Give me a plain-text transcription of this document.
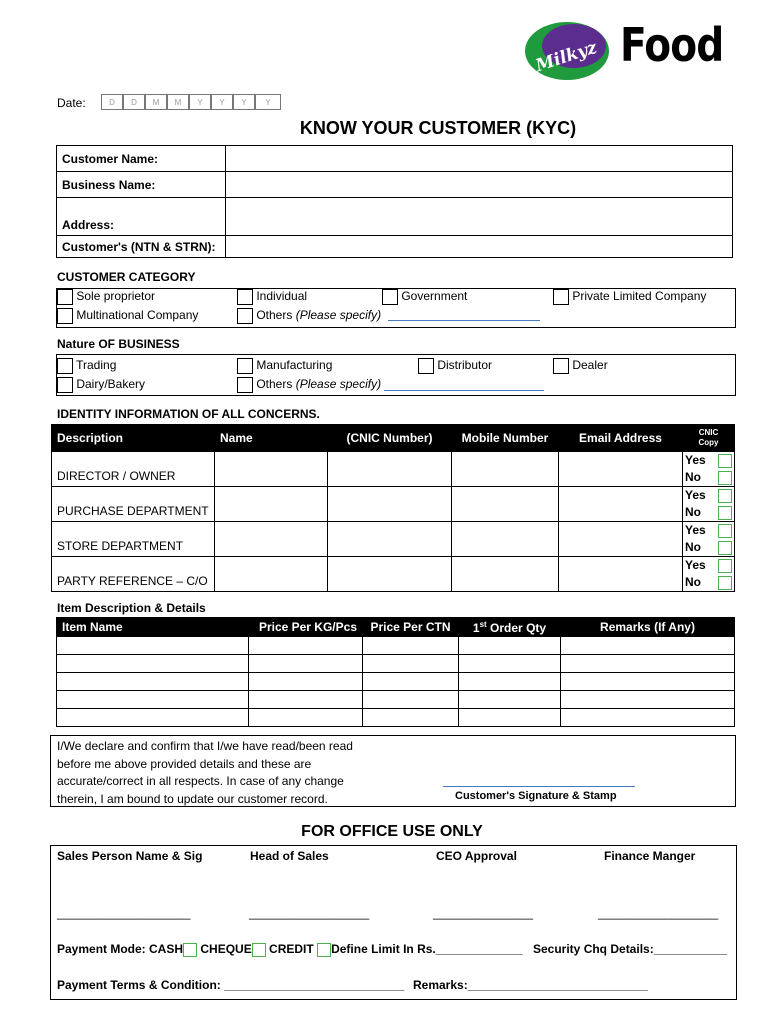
Milkyz Food
Date:	D	D	M	M	Y	Y	Y	Y
KNOW YOUR CUSTOMER (KYC)
Customer Name:	
Business Name:	
Address:	
Customer's (NTN & STRN):	
CUSTOMER CATEGORY
Sole proprietor	Individual	Government	Private Limited Company
Multinational Company	Others (Please specify)
Nature OF BUSINESS
Trading	Manufacturing	Distributor	Dealer
Dairy/Bakery	Others (Please specify)
IDENTITY INFORMATION OF ALL CONCERNS.
Description	Name	(CNIC Number)	Mobile Number	Email Address	CNIC
Copy
DIRECTOR / OWNER					Yes

No

PURCHASE DEPARTMENT					Yes

No

STORE DEPARTMENT					Yes

No

PARTY REFERENCE – C/O					Yes

No
Item Description & Details
Item Name	Price Per KG/Pcs	Price Per CTN	1st Order Qty	Remarks (If Any)

I/We declare and confirm that I/we have read/been read
before me above provided details and these are
accurate/correct in all respects. In case of any change
therein, I am bound to update our customer record.	Customer's Signature & Stamp
FOR OFFICE USE ONLY
Sales Person Name & Sig	Head of Sales	CEO Approval	Finance Manger
____________________	__________________	_______________	__________________
Payment Mode: CASH CHEQUE CREDIT Define Limit In Rs._____________ Security Chq Details:___________
Payment Terms & Condition: ___________________________ Remarks:___________________________
